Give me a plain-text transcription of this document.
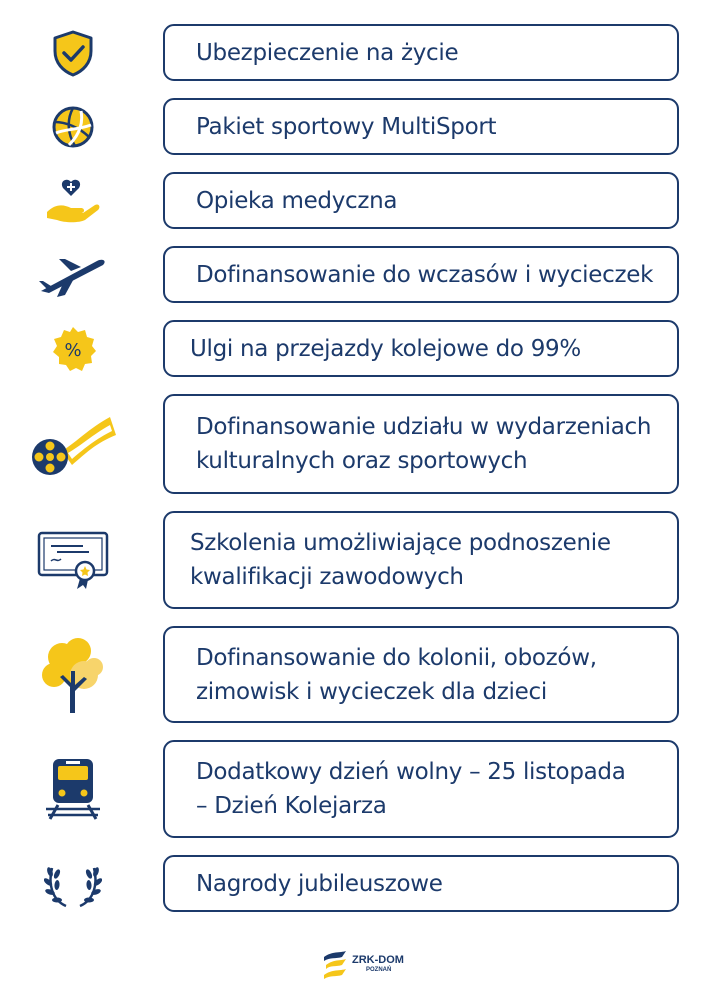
Ubezpieczenie na życie
Pakiet sportowy MultiSport
Opieka medyczna
Dofinansowanie do wczasów i wycieczek
%	Ulgi na przejazdy kolejowe do 99%
Dofinansowanie udziału w wydarzeniach
kulturalnych oraz sportowych
Szkolenia umożliwiające podnoszenie
kwalifikacji zawodowych
Dofinansowanie do kolonii, obozów,
zimowisk i wycieczek dla dzieci
Dodatkowy dzień wolny – 25 listopada
– Dzień Kolejarza
Nagrody jubileuszowe
ZRK-DOM
POZNAŃ
